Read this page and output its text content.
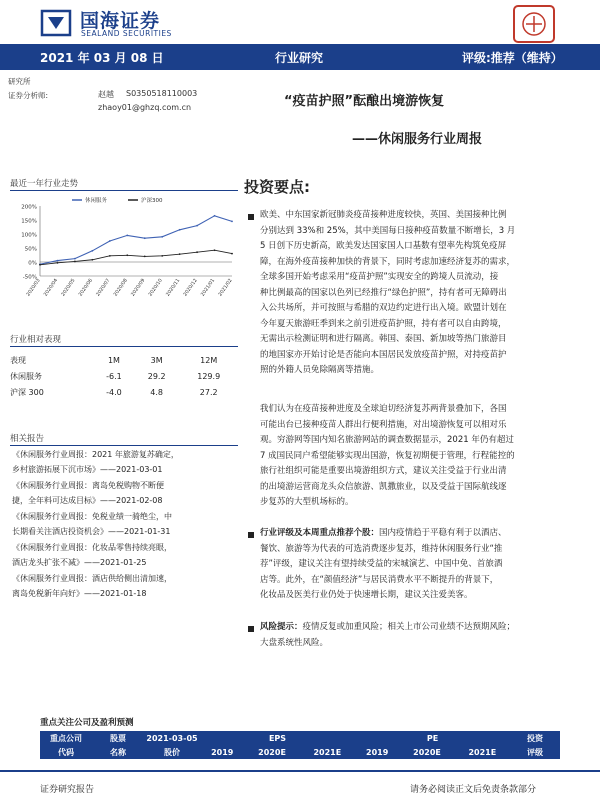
国海证券
SEALAND SECURITIES
2021 年 03 月 08 日	行业研究	评级:推荐（维持）
研究所
证券分析师:	赵越 S0350518110003
zhaoy01@ghzq.com.cn	“疫苗护照”酝酿出境游恢复
——休闲服务行业周报
最近一年行业走势
-50%
0%
50%
100%
150%
200%
2020/03 2020/04 2020/05 2020/06 2020/07 2020/08 2020/09 2020/10 2020/11 2020/12 2021/01 2021/02
休闲服务	沪深300
行业相对表现
表现	1M	3M	12M
休闲服务	-6.1	29.2	129.9
沪深 300	-4.0	4.8	27.2
相关报告
《休闲服务行业周报：2021 年旅游复苏确定，
乡村旅游拓展下沉市场》——2021-03-01
《休闲服务行业周报：离岛免税购物不断便
捷，全年料可达成目标》——2021-02-08
《休闲服务行业周报：免税业绩一骑绝尘，中
长期看关注酒店投资机会》——2021-01-31
《休闲服务行业周报：化妆品零售持续亮眼，
酒店龙头扩张不减》——2021-01-25
《休闲服务行业周报：酒店供给侧出清加速，
离岛免税新年向好》——2021-01-18
投资要点:
欧美、中东国家新冠肺炎疫苗接种进度较快，英国、美国接种比例
分别达到 33%和 25%，其中美国每日接种疫苗数量不断增长，3 月
5 日创下历史新高，欧美发达国家国人口基数有望率先构筑免疫屏
障，在海外疫苗接种加快的背景下，同时考虑加速经济复苏的需求，
全球多国开始考虑采用“疫苗护照”实现安全的跨境人员流动，接
种比例最高的国家以色列已经推行“绿色护照”，持有者可无障碍出
入公共场所，并可按照与希腊的双边约定进行出入境。欧盟计划在
今年夏天旅游旺季到来之前引进疫苗护照，持有者可以自由跨境，
无需出示检测证明和进行隔离。韩国、泰国、新加坡等热门旅游目
的地国家亦开始讨论是否能向本国居民发放疫苗护照，对持疫苗护
照的外籍人员免除隔离等措施。
我们认为在疫苗接种进度及全球迫切经济复苏两背景叠加下，各国
可能出台已接种疫苗人群出行便利措施，对出境游恢复可以相对乐
观。穷游网等国内知名旅游网站的调查数据显示，2021 年仍有超过
7 成国民同户希望能够实现出国游，恢复初期便于管理，行程能控的
旅行社组织可能是重要出境游组织方式，建议关注受益于行业出清
的出境游运营商龙头众信旅游、凯撒旅业，以及受益于国际航线逐
步复苏的大型机场标的。
行业评级及本周重点推荐个股：国内疫情趋于平稳有利于以酒店、
餐饮、旅游等为代表的可选消费逐步复苏，维持休闲服务行业“推
荐”评级，建议关注有望持续受益的宋城演艺、中国中免、首旅酒
店等。此外，在“颜值经济”与居民消费水平不断提升的背景下，
化妆品及医美行业仍处于快速增长期，建议关注爱美客。
风险提示：疫情反复或加重风险；相关上市公司业绩不达预期风险；
大盘系统性风险。
重点关注公司及盈利预测
重点公司	股票	2021-03-05	EPS			PE			投资
代码	名称	股价	2019	2020E	2021E	2019	2020E	2021E	评级
证券研究报告	请务必阅读正文后免责条款部分
